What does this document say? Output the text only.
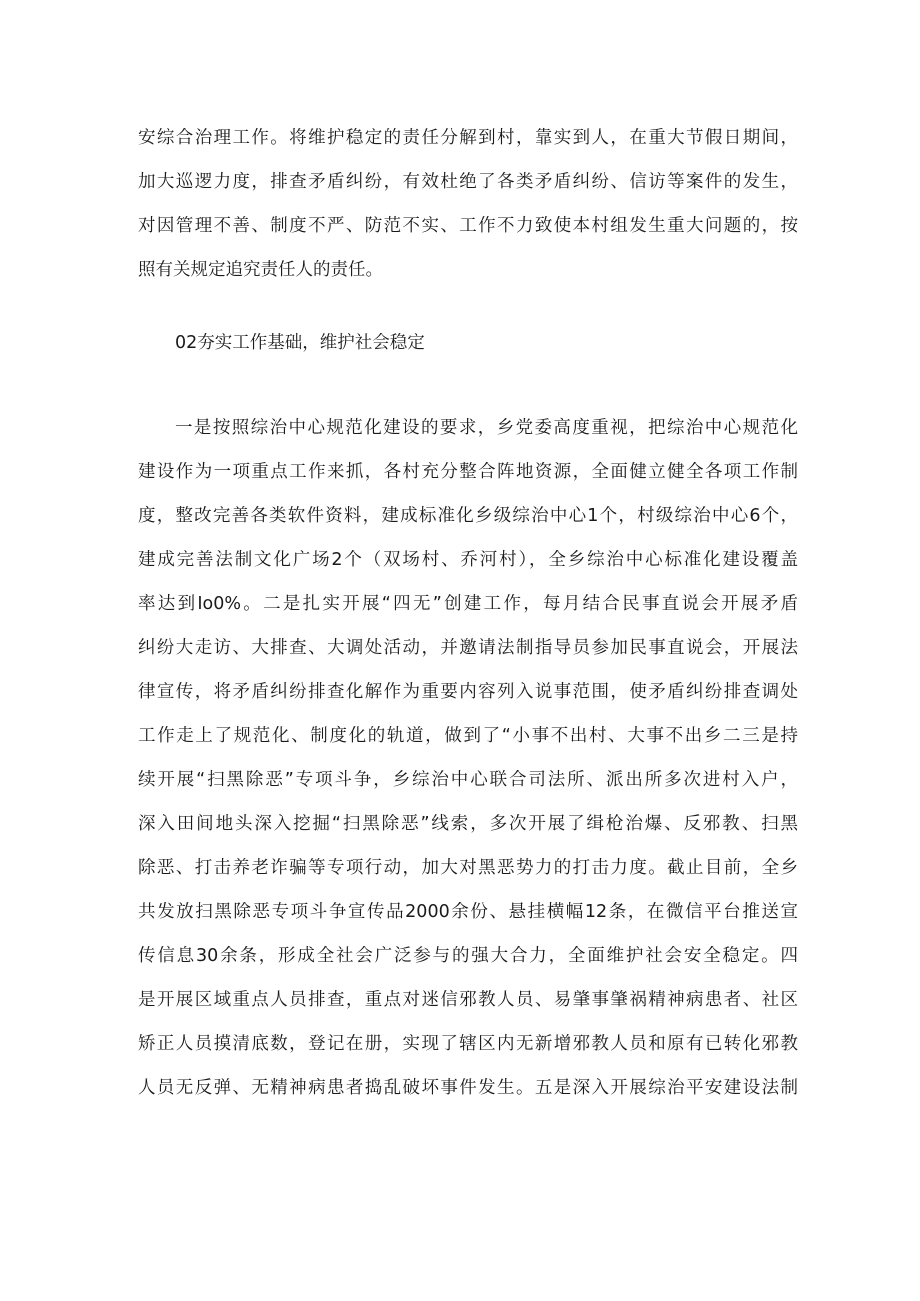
安综合治理工作。将维护稳定的责任分解到村，靠实到人，在重大节假日期间，
加大巡逻力度，排查矛盾纠纷，有效杜绝了各类矛盾纠纷、信访等案件的发生，
对因管理不善、制度不严、防范不实、工作不力致使本村组发生重大问题的，按
照有关规定追究责任人的责任。
02夯实工作基础，维护社会稳定
一是按照综治中心规范化建设的要求，乡党委高度重视，把综治中心规范化
建设作为一项重点工作来抓，各村充分整合阵地资源，全面健立健全各项工作制
度，整改完善各类软件资料，建成标准化乡级综治中心1个，村级综治中心6个，
建成完善法制文化广场2个（双场村、乔河村），全乡综治中心标准化建设覆盖
率达到Io0%。二是扎实开展“四无”创建工作，每月结合民事直说会开展矛盾
纠纷大走访、大排查、大调处活动，并邀请法制指导员参加民事直说会，开展法
律宣传，将矛盾纠纷排查化解作为重要内容列入说事范围，使矛盾纠纷排查调处
工作走上了规范化、制度化的轨道，做到了“小事不出村、大事不出乡二三是持
续开展“扫黑除恶”专项斗争，乡综治中心联合司法所、派出所多次进村入户，
深入田间地头深入挖掘“扫黑除恶”线索，多次开展了缉枪治爆、反邪教、扫黑
除恶、打击养老诈骗等专项行动，加大对黑恶势力的打击力度。截止目前，全乡
共发放扫黑除恶专项斗争宣传品2000余份、悬挂横幅12条，在微信平台推送宣
传信息30余条，形成全社会广泛参与的强大合力，全面维护社会安全稳定。四
是开展区域重点人员排查，重点对迷信邪教人员、易肇事肇祸精神病患者、社区
矫正人员摸清底数，登记在册，实现了辖区内无新增邪教人员和原有已转化邪教
人员无反弹、无精神病患者捣乱破坏事件发生。五是深入开展综治平安建设法制
